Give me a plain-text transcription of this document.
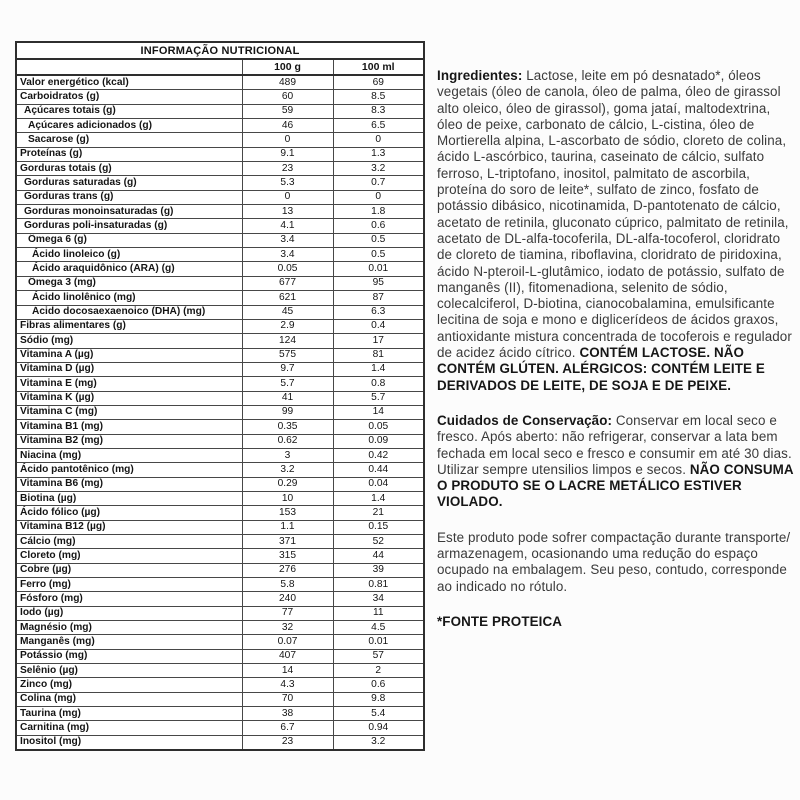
INFORMAÇÃO NUTRICIONAL		
	100 g	100 ml
Valor energético (kcal)	489	69
Carboidratos (g)	60	8.5
Açúcares totais (g)	59	8.3
Açúcares adicionados (g)	46	6.5
Sacarose (g)	0	0
Proteínas (g)	9.1	1.3
Gorduras totais (g)	23	3.2
Gorduras saturadas (g)	5.3	0.7
Gorduras trans (g)	0	0
Gorduras monoinsaturadas (g)	13	1.8
Gorduras poli-insaturadas (g)	4.1	0.6
Ômega 6 (g)	3.4	0.5
Ácido linoleico (g)	3.4	0.5
Ácido araquidônico (ARA) (g)	0.05	0.01
Ômega 3 (mg)	677	95
Ácido linolênico (mg)	621	87
Ácido docosaexaenoico (DHA) (mg)	45	6.3
Fibras alimentares (g)	2.9	0.4
Sódio (mg)	124	17
Vitamina A (µg)	575	81
Vitamina D (µg)	9.7	1.4
Vitamina E (mg)	5.7	0.8
Vitamina K (µg)	41	5.7
Vitamina C (mg)	99	14
Vitamina B1 (mg)	0.35	0.05
Vitamina B2 (mg)	0.62	0.09
Niacina (mg)	3	0.42
Ácido pantotênico (mg)	3.2	0.44
Vitamina B6 (mg)	0.29	0.04
Biotina (µg)	10	1.4
Ácido fólico (µg)	153	21
Vitamina B12 (µg)	1.1	0.15
Cálcio (mg)	371	52
Cloreto (mg)	315	44
Cobre (µg)	276	39
Ferro (mg)	5.8	0.81
Fósforo (mg)	240	34
Iodo (µg)	77	11
Magnésio (mg)	32	4.5
Manganês (mg)	0.07	0.01
Potássio (mg)	407	57
Selênio (µg)	14	2
Zinco (mg)	4.3	0.6
Colina (mg)	70	9.8
Taurina (mg)	38	5.4
Carnitina (mg)	6.7	0.94
Inositol (mg)	23	3.2

Ingredientes: Lactose, leite em pó desnatado*, óleos vegetais (óleo de canola, óleo de palma, óleo de girassol alto oleico, óleo de girassol), goma jataí, maltodextrina, óleo de peixe, carbonato de cálcio, L-cistina, óleo de Mortierella alpina, L-ascorbato de sódio, cloreto de colina, ácido L-ascórbico, taurina, caseinato de cálcio, sulfato ferroso, L-triptofano, inositol, palmitato de ascorbila, proteína do soro de leite*, sulfato de zinco, fosfato de potássio dibásico, nicotinamida, D-pantotenato de cálcio, acetato de retinila, gluconato cúprico, palmitato de retinila, acetato de DL-alfa-tocoferila, DL-alfa-tocoferol, cloridrato de cloreto de tiamina, riboflavina, cloridrato de piridoxina, ácido N-pteroil-L-glutâmico, iodato de potássio, sulfato de manganês (II), fitomenadiona, selenito de sódio, colecalciferol, D-biotina, cianocobalamina, emulsificante lecitina de soja e mono e diglicerídeos de ácidos graxos, antioxidante mistura concentrada de tocoferois e regulador de acidez ácido cítrico. CONTÉM LACTOSE. NÃO CONTÉM GLÚTEN. ALÉRGICOS: CONTÉM LEITE E DERIVADOS DE LEITE, DE SOJA E DE PEIXE.

Cuidados de Conservação: Conservar em local seco e fresco. Após aberto: não refrigerar, conservar a lata bem fechada em local seco e fresco e consumir em até 30 dias. Utilizar sempre utensilios limpos e secos. NÃO CONSUMA O PRODUTO SE O LACRE METÁLICO ESTIVER VIOLADO.

Este produto pode sofrer compactação durante transporte/ armazenagem, ocasionando uma redução do espaço ocupado na embalagem. Seu peso, contudo, corresponde ao indicado no rótulo.

*FONTE PROTEICA
